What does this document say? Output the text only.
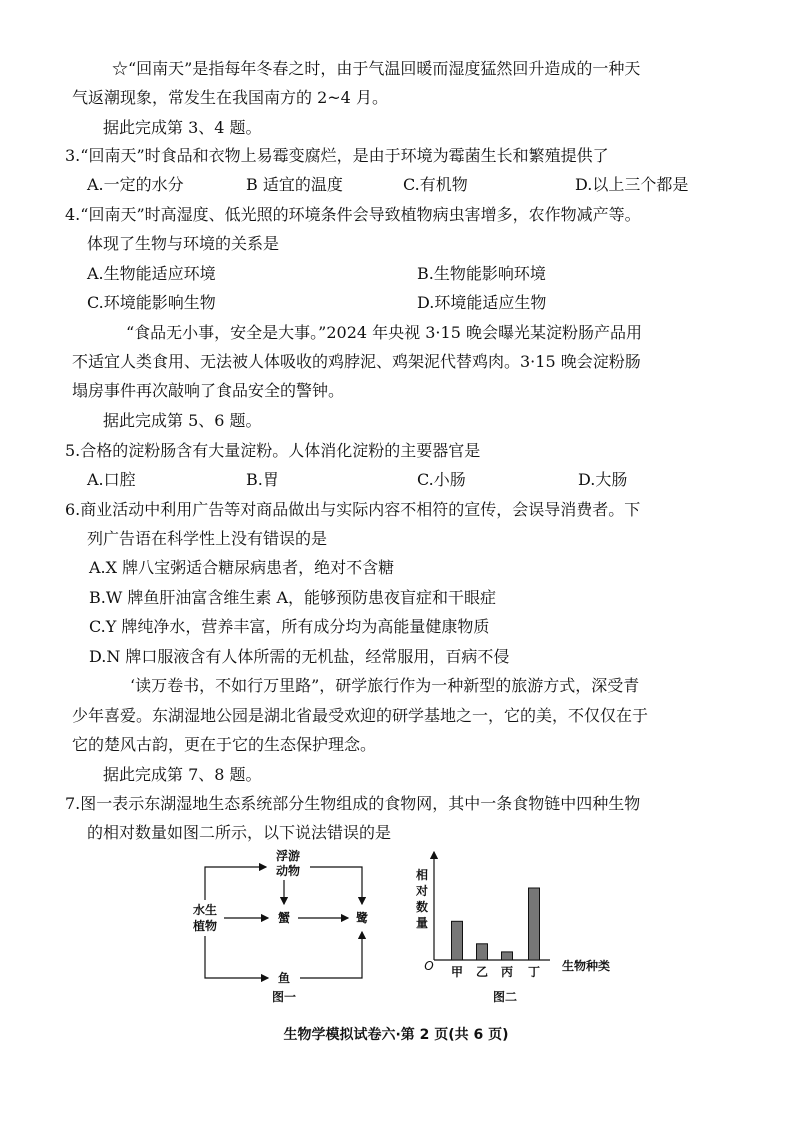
☆“回南天”是指每年冬春之时，由于气温回暖而湿度猛然回升造成的一种天
气返潮现象，常发生在我国南方的 2~4 月。
据此完成第 3、4 题。
3.“回南天”时食品和衣物上易霉变腐烂，是由于环境为霉菌生长和繁殖提供了
A.一定的水分	B 适宜的温度	C.有机物	D.以上三个都是
4.“回南天”时高湿度、低光照的环境条件会导致植物病虫害增多，农作物减产等。
体现了生物与环境的关系是
A.生物能适应环境	B.生物能影响环境
C.环境能影响生物	D.环境能适应生物
“食品无小事，安全是大事。”2024 年央视 3·15 晚会曝光某淀粉肠产品用
不适宜人类食用、无法被人体吸收的鸡脖泥、鸡架泥代替鸡肉。3·15 晚会淀粉肠
塌房事件再次敲响了食品安全的警钟。
据此完成第 5、6 题。
5.合格的淀粉肠含有大量淀粉。人体消化淀粉的主要器官是
A.口腔	B.胃	C.小肠	D.大肠
6.商业活动中利用广告等对商品做出与实际内容不相符的宣传，会误导消费者。下
列广告语在科学性上没有错误的是
A.X 牌八宝粥适合糖尿病患者，绝对不含糖
B.W 牌鱼肝油富含维生素 A，能够预防患夜盲症和干眼症
C.Y 牌纯净水，营养丰富，所有成分均为高能量健康物质
D.N 牌口服液含有人体所需的无机盐，经常服用，百病不侵
‘读万卷书，不如行万里路”，研学旅行作为一种新型的旅游方式，深受青
少年喜爱。东湖湿地公园是湖北省最受欢迎的研学基地之一，它的美，不仅仅在于
它的楚风古韵，更在于它的生态保护理念。
据此完成第 7、8 题。
7.图一表示东湖湿地生态系统部分生物组成的食物网，其中一条食物链中四种生物
的相对数量如图二所示，以下说法错误的是
浮游
动物
水生
植物
蟹	鹭
鱼
图一
相
对
数
量
O	生物种类
图二
甲 乙 丙 丁
生物学模拟试卷六·第 2 页(共 6 页)
